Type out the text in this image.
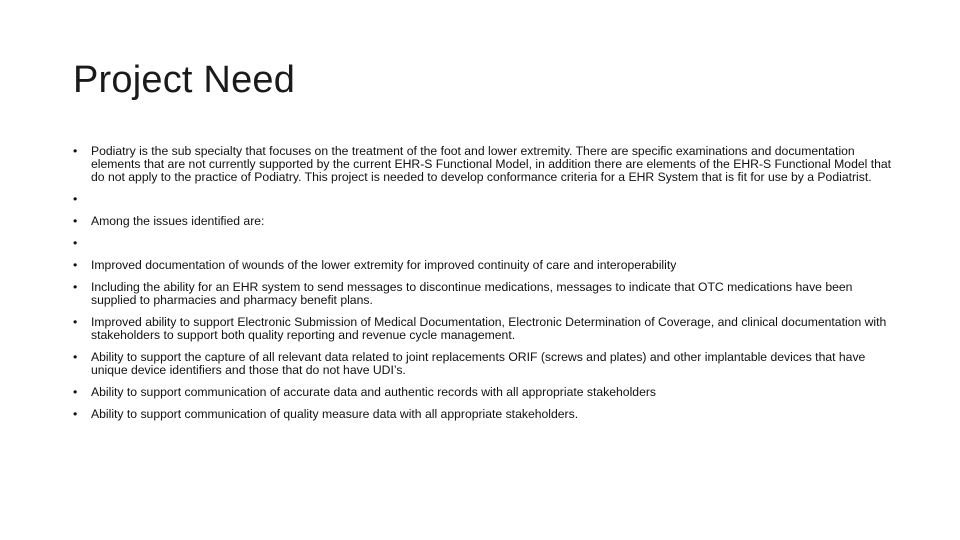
Project Need
•	Podiatry is the sub specialty that focuses on the treatment of the foot and lower extremity. There are specific examinations and documentation elements that are not currently supported by the current EHR-S Functional Model, in addition there are elements of the EHR-S Functional Model that do not apply to the practice of Podiatry. This project is needed to develop conformance criteria for a EHR System that is fit for use by a Podiatrist.
•
•	Among the issues identified are:
•
•	Improved documentation of wounds of the lower extremity for improved continuity of care and interoperability
•	Including the ability for an EHR system to send messages to discontinue medications, messages to indicate that OTC medications have been supplied to pharmacies and pharmacy benefit plans.
•	Improved ability to support Electronic Submission of Medical Documentation, Electronic Determination of Coverage, and clinical documentation with stakeholders to support both quality reporting and revenue cycle management.
•	Ability to support the capture of all relevant data related to joint replacements ORIF (screws and plates) and other implantable devices that have unique device identifiers and those that do not have UDI’s.
•	Ability to support communication of accurate data and authentic records with all appropriate stakeholders
•	Ability to support communication of quality measure data with all appropriate stakeholders.
